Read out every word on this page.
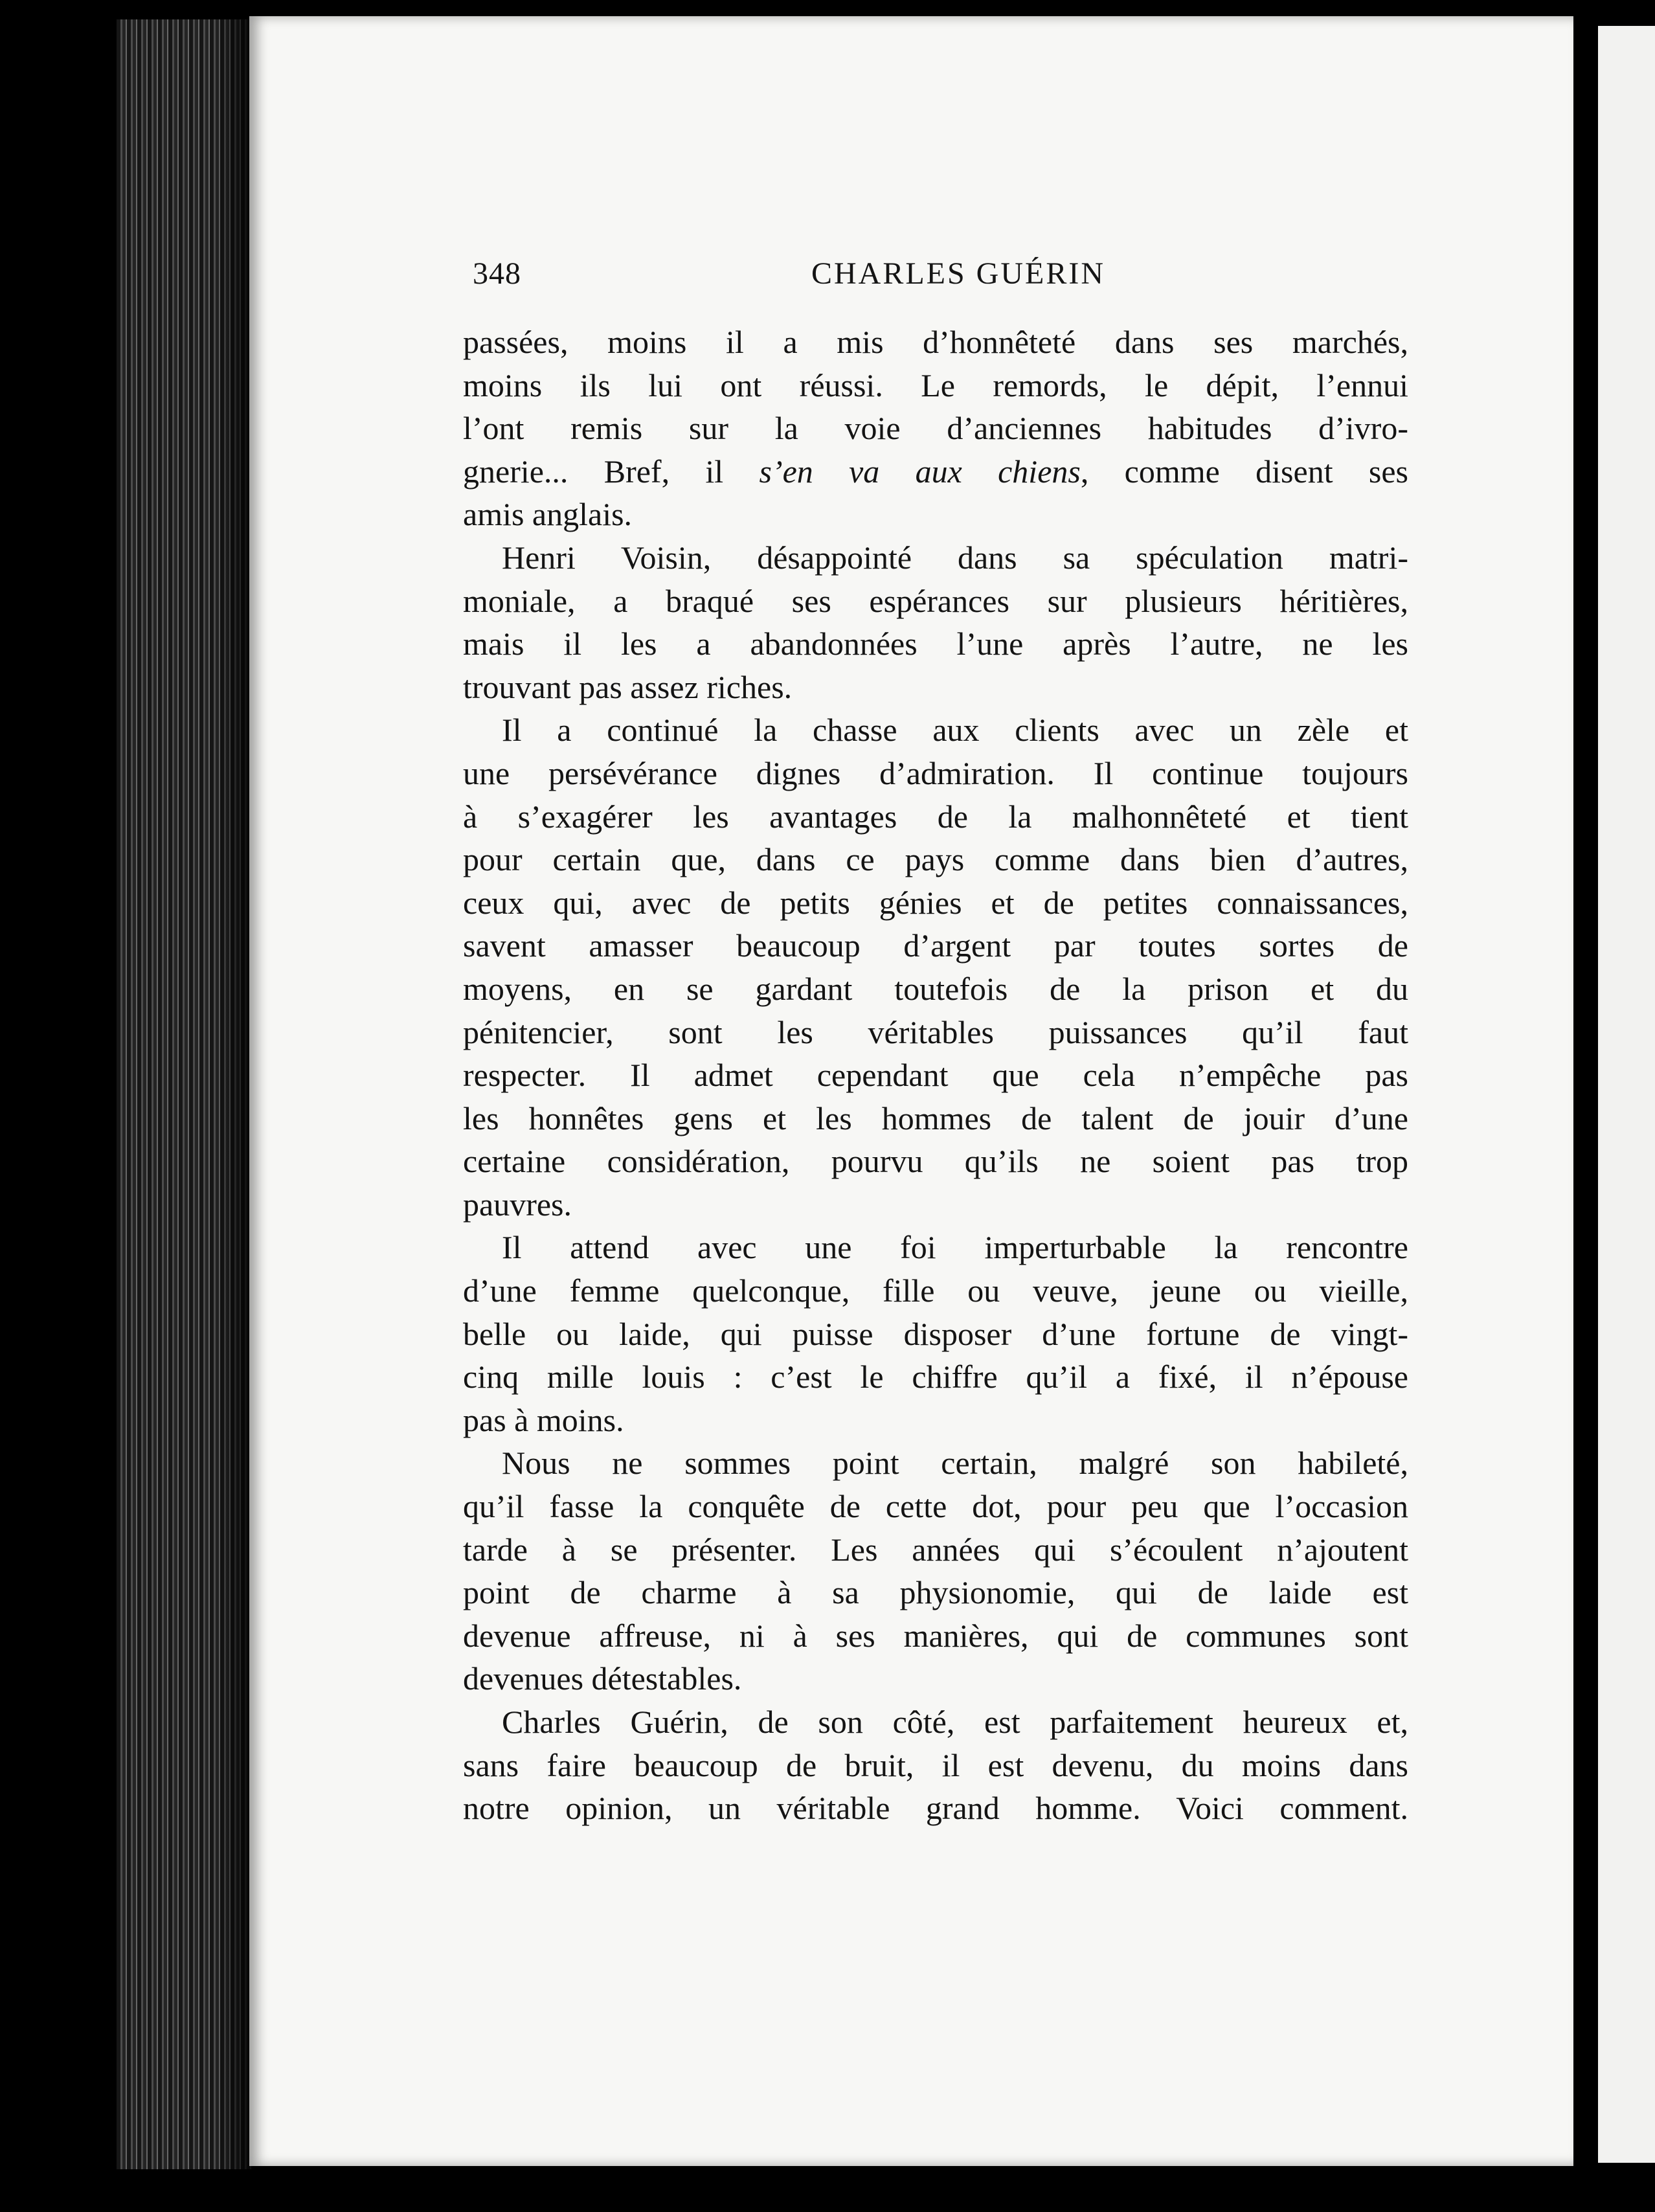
348	CHARLES GUÉRIN
passées, moins il a mis d’honnêteté dans ses marchés,
moins ils lui ont réussi. Le remords, le dépit, l’ennui
l’ont remis sur la voie d’anciennes habitudes d’ivro-
gnerie... Bref, il s’en va aux chiens, comme disent ses
amis anglais.
Henri Voisin, désappointé dans sa spéculation matri-
moniale, a braqué ses espérances sur plusieurs héritières,
mais il les a abandonnées l’une après l’autre, ne les
trouvant pas assez riches.
Il a continué la chasse aux clients avec un zèle et
une persévérance dignes d’admiration. Il continue toujours
à s’exagérer les avantages de la malhonnêteté et tient
pour certain que, dans ce pays comme dans bien d’autres,
ceux qui, avec de petits génies et de petites connaissances,
savent amasser beaucoup d’argent par toutes sortes de
moyens, en se gardant toutefois de la prison et du
pénitencier, sont les véritables puissances qu’il faut
respecter. Il admet cependant que cela n’empêche pas
les honnêtes gens et les hommes de talent de jouir d’une
certaine considération, pourvu qu’ils ne soient pas trop
pauvres.
Il attend avec une foi imperturbable la rencontre
d’une femme quelconque, fille ou veuve, jeune ou vieille,
belle ou laide, qui puisse disposer d’une fortune de vingt-
cinq mille louis : c’est le chiffre qu’il a fixé, il n’épouse
pas à moins.
Nous ne sommes point certain, malgré son habileté,
qu’il fasse la conquête de cette dot, pour peu que l’occasion
tarde à se présenter. Les années qui s’écoulent n’ajoutent
point de charme à sa physionomie, qui de laide est
devenue affreuse, ni à ses manières, qui de communes sont
devenues détestables.
Charles Guérin, de son côté, est parfaitement heureux et,
sans faire beaucoup de bruit, il est devenu, du moins dans
notre opinion, un véritable grand homme. Voici comment.
